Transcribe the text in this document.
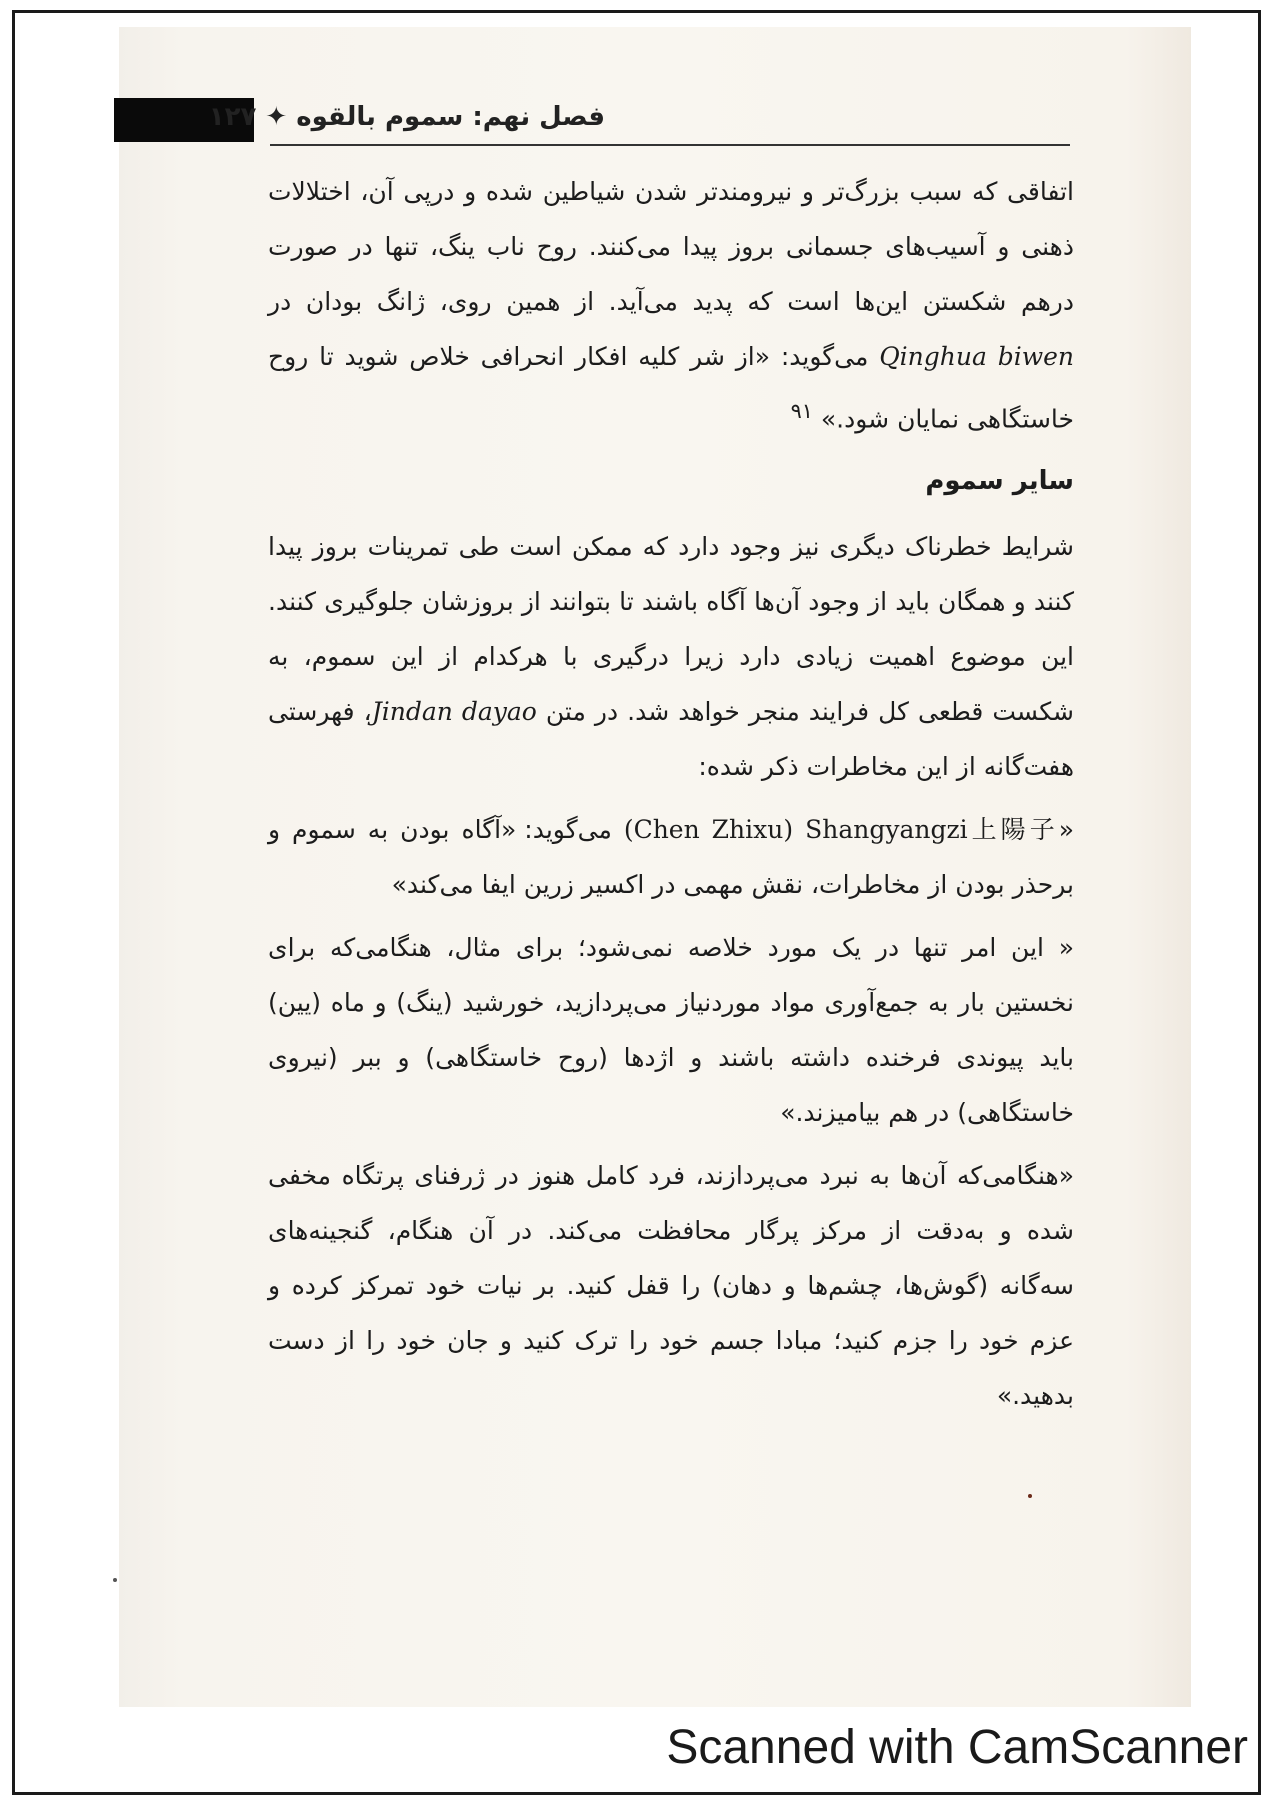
فصل نهم: سموم بالقوه ✦ ۱۲۷

اتفاقی که سبب بزرگ‌تر و نیرومندتر شدن شیاطین شده و درپی آن، اختلالات ذهنی و آسیب‌های جسمانی بروز پیدا می‌کنند. روح ناب ینگ، تنها در صورت درهم شکستن این‌ها است که پدید می‌آید. از همین روی، ژانگ بودان در Qinghua biwen می‌گوید: «از شر کلیه افکار انحرافی خلاص شوید تا روح خاستگاهی نمایان شود.» $^{۹۱}$

سایر سموم

شرایط خطرناک دیگری نیز وجود دارد که ممکن است طی تمرینات بروز پیدا کنند و همگان باید از وجود آن‌ها آگاه باشند تا بتوانند از بروزشان جلوگیری کنند. این موضوع اهمیت زیادی دارد زیرا درگیری با هرکدام از این سموم، به شکست قطعی کل فرایند منجر خواهد شد. در متن Jindan dayao، فهرستی هفت‌گانه از این مخاطرات ذکر شده:

«Shangyangzi上陽子 (Chen Zhixu) می‌گوید: «آگاه بودن به سموم و برحذر بودن از مخاطرات، نقش مهمی در اکسیر زرین ایفا می‌کند»

« این امر تنها در یک مورد خلاصه نمی‌شود؛ برای مثال، هنگامی‌که برای نخستین بار به جمع‌آوری مواد موردنیاز می‌پردازید، خورشید (ینگ) و ماه (یین) باید پیوندی فرخنده داشته باشند و اژدها (روح خاستگاهی) و ببر (نیروی خاستگاهی) در هم بیامیزند.»

«هنگامی‌که آن‌ها به نبرد می‌پردازند، فرد کامل هنوز در ژرفنای پرتگاه مخفی شده و به‌دقت از مرکز پرگار محافظت می‌کند. در آن هنگام، گنجینه‌های سه‌گانه (گوش‌ها، چشم‌ها و دهان) را قفل کنید. بر نیات خود تمرکز کرده و عزم خود را جزم کنید؛ مبادا جسم خود را ترک کنید و جان خود را از دست بدهید.»

Scanned with CamScanner
